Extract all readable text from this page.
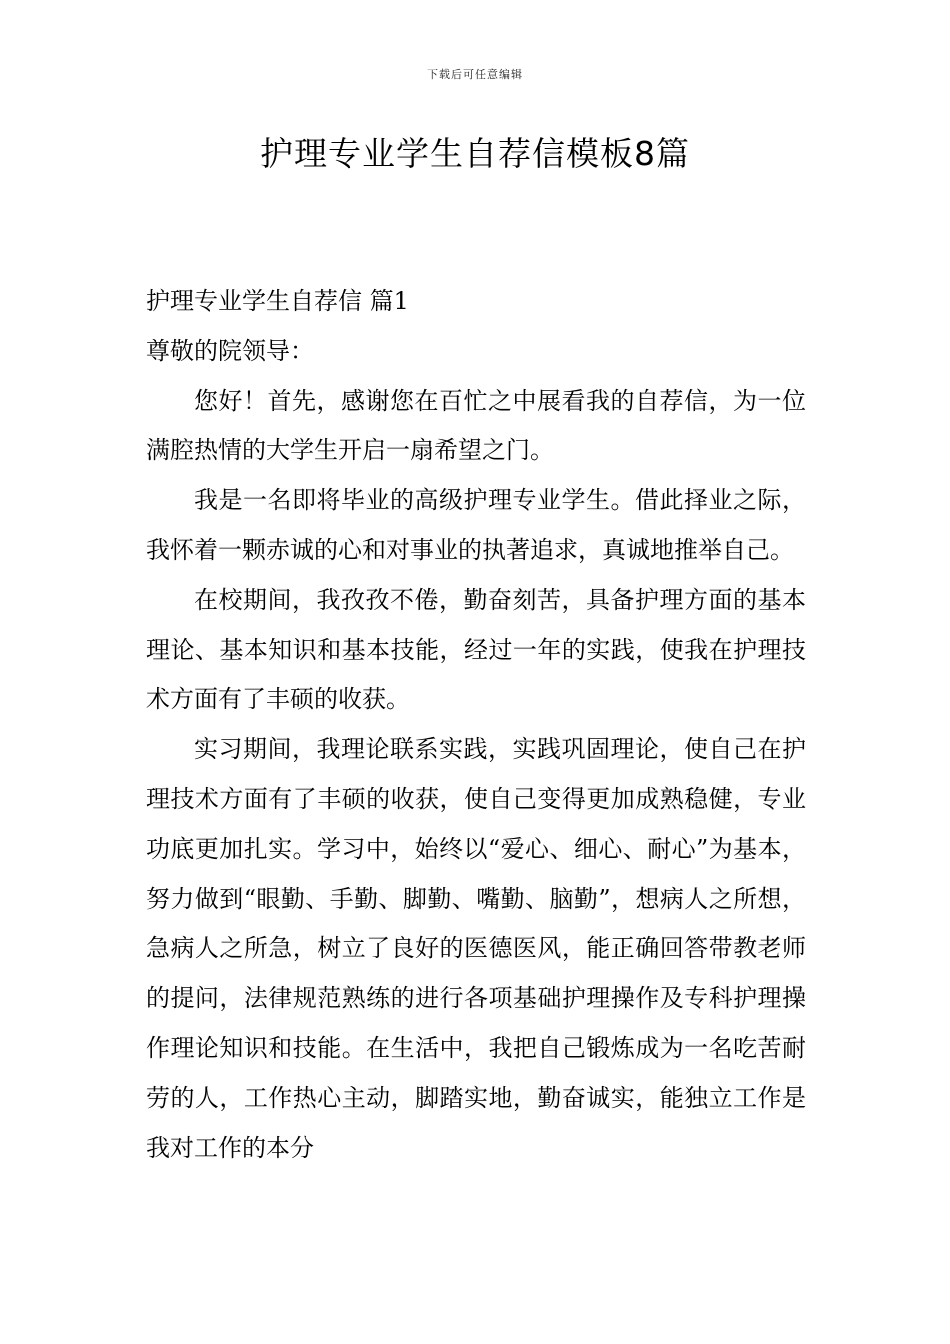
下载后可任意编辑
护理专业学生自荐信模板8篇

护理专业学生自荐信 篇1

尊敬的院领导：

您好！首先，感谢您在百忙之中展看我的自荐信，为一位满腔热情的大学生开启一扇希望之门。

我是一名即将毕业的高级护理专业学生。借此择业之际，我怀着一颗赤诚的心和对事业的执著追求，真诚地推举自己。

在校期间，我孜孜不倦，勤奋刻苦，具备护理方面的基本理论、基本知识和基本技能，经过一年的实践，使我在护理技术方面有了丰硕的收获。

实习期间，我理论联系实践，实践巩固理论，使自己在护理技术方面有了丰硕的收获，使自己变得更加成熟稳健，专业功底更加扎实。学习中，始终以“爱心、细心、耐心”为基本，努力做到“眼勤、手勤、脚勤、嘴勤、脑勤”，想病人之所想，急病人之所急，树立了良好的医德医风，能正确回答带教老师的提问，法律规范熟练的进行各项基础护理操作及专科护理操作理论知识和技能。在生活中，我把自己锻炼成为一名吃苦耐劳的人，工作热心主动，脚踏实地，勤奋诚实，能独立工作是我对工作的本分
